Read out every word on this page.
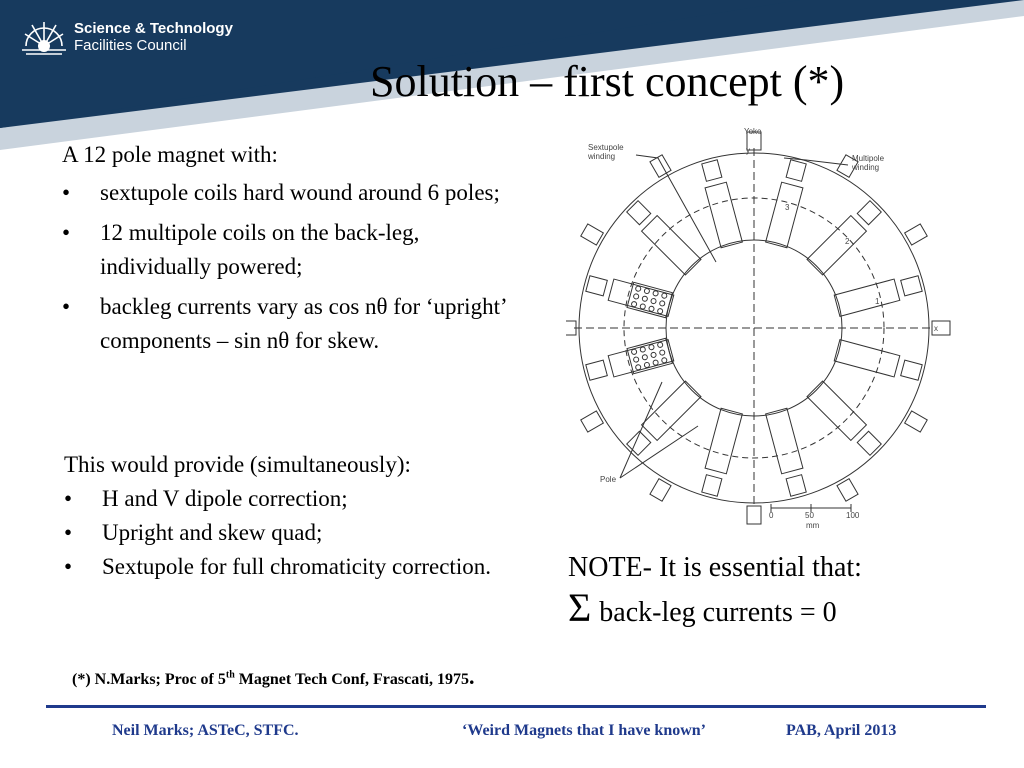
Science & Technology
Facilities Council
Solution – first concept (*)

A 12 pole magnet with:

• sextupole coils hard wound around 6 poles;
• 12 multipole coils on the back-leg, individually powered;
• backleg currents vary as cos nθ for ‘upright’ components – sin nθ for skew.
This would provide (simultaneously):
• H and V dipole correction;
• Upright and skew quad;
• Sextupole for full chromaticity correction.
Yoke
y
Sextupole
winding	Multipole
winding
x
Pole
3
2
1
0	50	100
mm
NOTE- It is essential that:
Σ back-leg currents = 0
(*) N.Marks; Proc of 5th Magnet Tech Conf, Frascati, 1975.
Neil Marks; ASTeC, STFC.	‘Weird Magnets that I have known’	PAB, April 2013
